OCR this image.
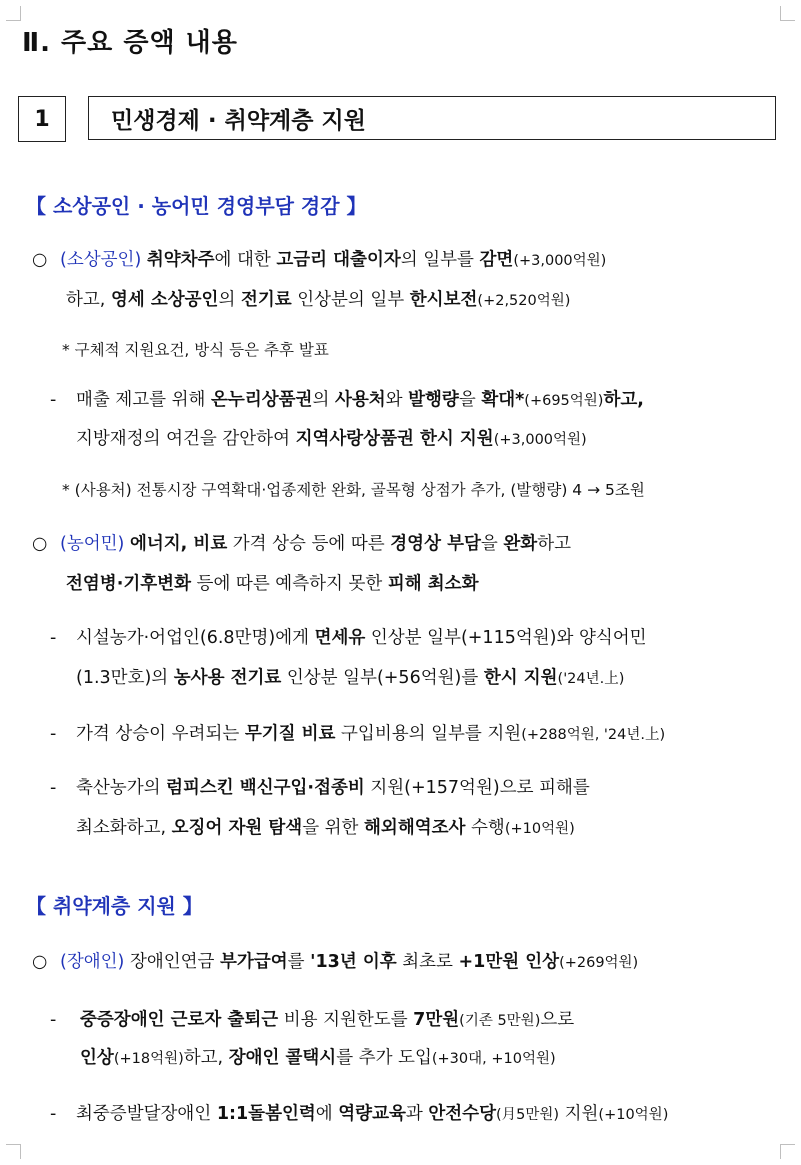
Ⅱ. 주요 증액 내용
1	민생경제 · 취약계층 지원
【 소상공인 · 농어민 경영부담 경감 】
○ (소상공인) 취약차주에 대한 고금리 대출이자의 일부를 감면(+3,000억원)
하고, 영세 소상공인의 전기료 인상분의 일부 한시보전(+2,520억원)
* 구체적 지원요건, 방식 등은 추후 발표
- 매출 제고를 위해 온누리상품권의 사용처와 발행량을 확대*(+695억원)하고,
지방재정의 여건을 감안하여 지역사랑상품권 한시 지원(+3,000억원)
* (사용처) 전통시장 구역확대·업종제한 완화, 골목형 상점가 추가, (발행량) 4 → 5조원
○ (농어민) 에너지, 비료 가격 상승 등에 따른 경영상 부담을 완화하고
전염병·기후변화 등에 따른 예측하지 못한 피해 최소화
- 시설농가·어업인(6.8만명)에게 면세유 인상분 일부(+115억원)와 양식어민
(1.3만호)의 농사용 전기료 인상분 일부(+56억원)를 한시 지원('24년.上)
- 가격 상승이 우려되는 무기질 비료 구입비용의 일부를 지원(+288억원, '24년.上)
- 축산농가의 럼피스킨 백신구입·접종비 지원(+157억원)으로 피해를
최소화하고, 오징어 자원 탐색을 위한 해외해역조사 수행(+10억원)
【 취약계층 지원 】
○ (장애인) 장애인연금 부가급여를 '13년 이후 최초로 +1만원 인상(+269억원)
- 중증장애인 근로자 출퇴근 비용 지원한도를 7만원(기존 5만원)으로
인상(+18억원)하고, 장애인 콜택시를 추가 도입(+30대, +10억원)
- 최중증발달장애인 1:1돌봄인력에 역량교육과 안전수당(月5만원) 지원(+10억원)
